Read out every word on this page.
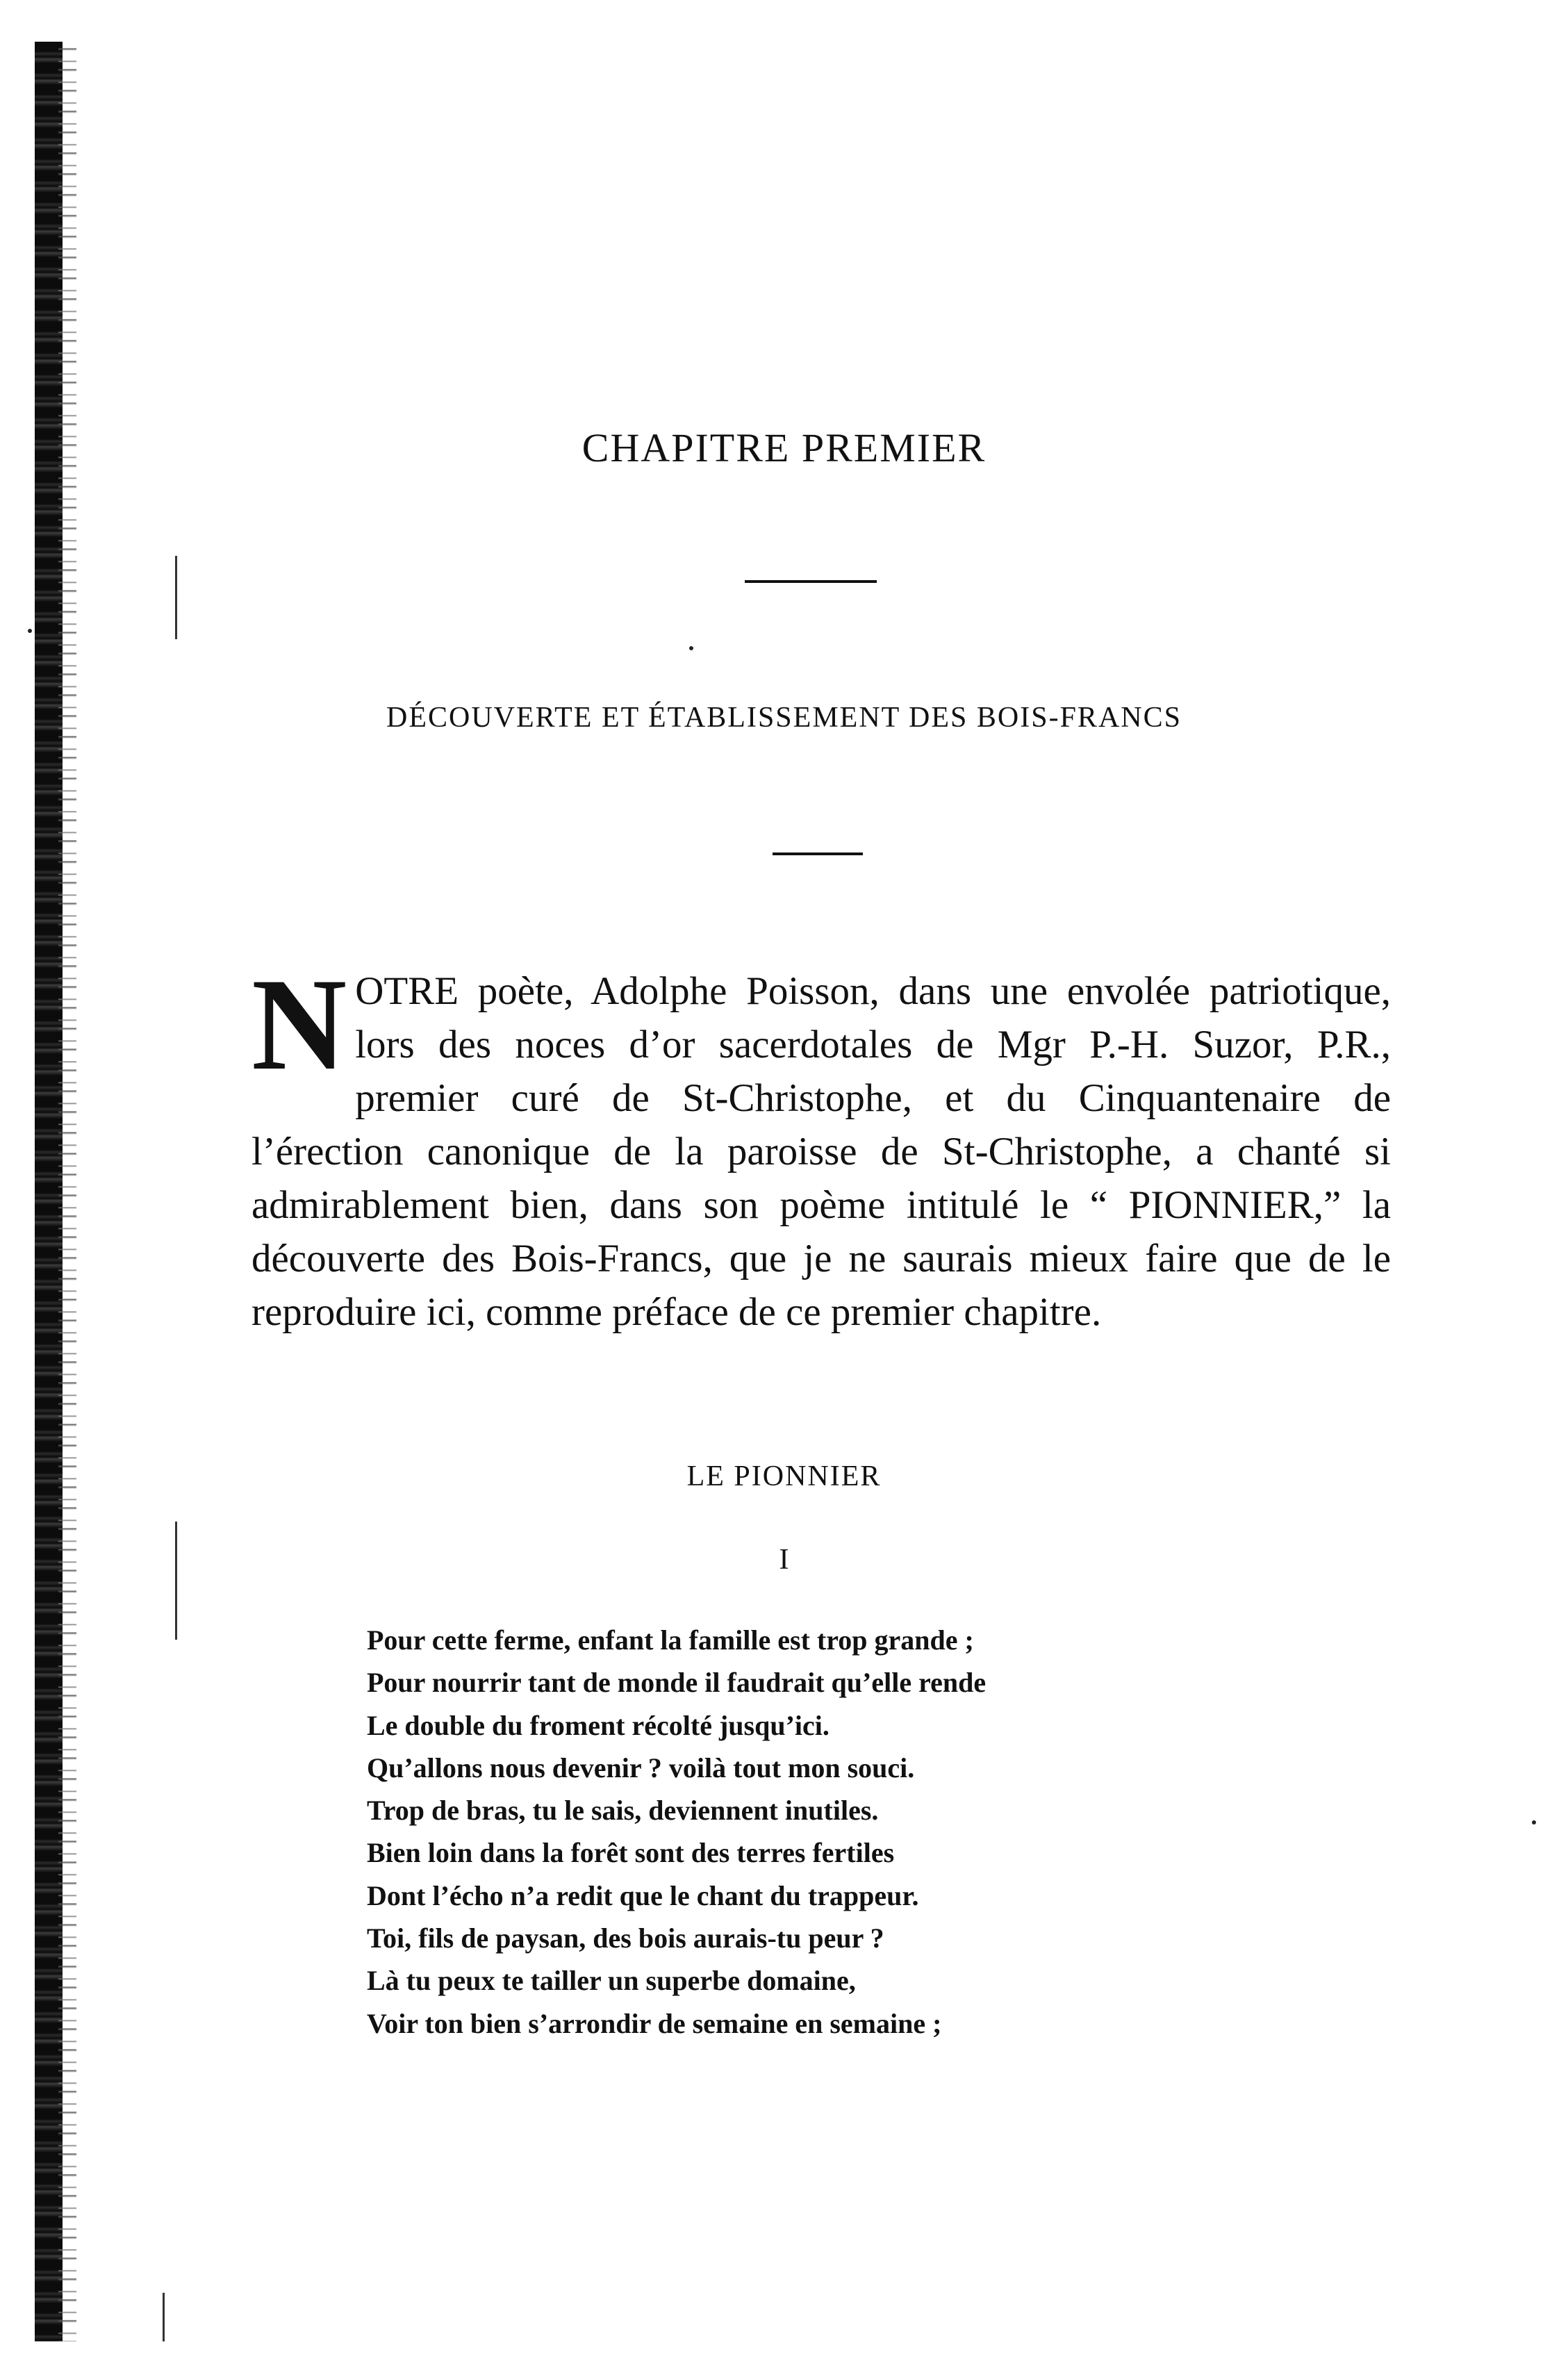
CHAPITRE PREMIER
DÉCOUVERTE ET ÉTABLISSEMENT DES BOIS-FRANCS
N OTRE poète, Adolphe Poisson, dans une envolée patriotique, lors des noces d’or sacerdotales de Mgr P.-H. Suzor, P.R., premier curé de St-Christophe, et du Cinquantenaire de l’érection canonique de la paroisse de St-Christophe, a chanté si admirablement bien, dans son poème intitulé le “ PIONNIER,” la découverte des Bois-Francs, que je ne saurais mieux faire que de le reproduire ici, comme préface de ce premier chapitre.

LE PIONNIER
I
Pour cette ferme, enfant la famille est trop grande ;
Pour nourrir tant de monde il faudrait qu’elle rende
Le double du froment récolté jusqu’ici.
Qu’allons nous devenir ? voilà tout mon souci.
Trop de bras, tu le sais, deviennent inutiles.
Bien loin dans la forêt sont des terres fertiles
Dont l’écho n’a redit que le chant du trappeur.
Toi, fils de paysan, des bois aurais-tu peur ?
Là tu peux te tailler un superbe domaine,
Voir ton bien s’arrondir de semaine en semaine ;
